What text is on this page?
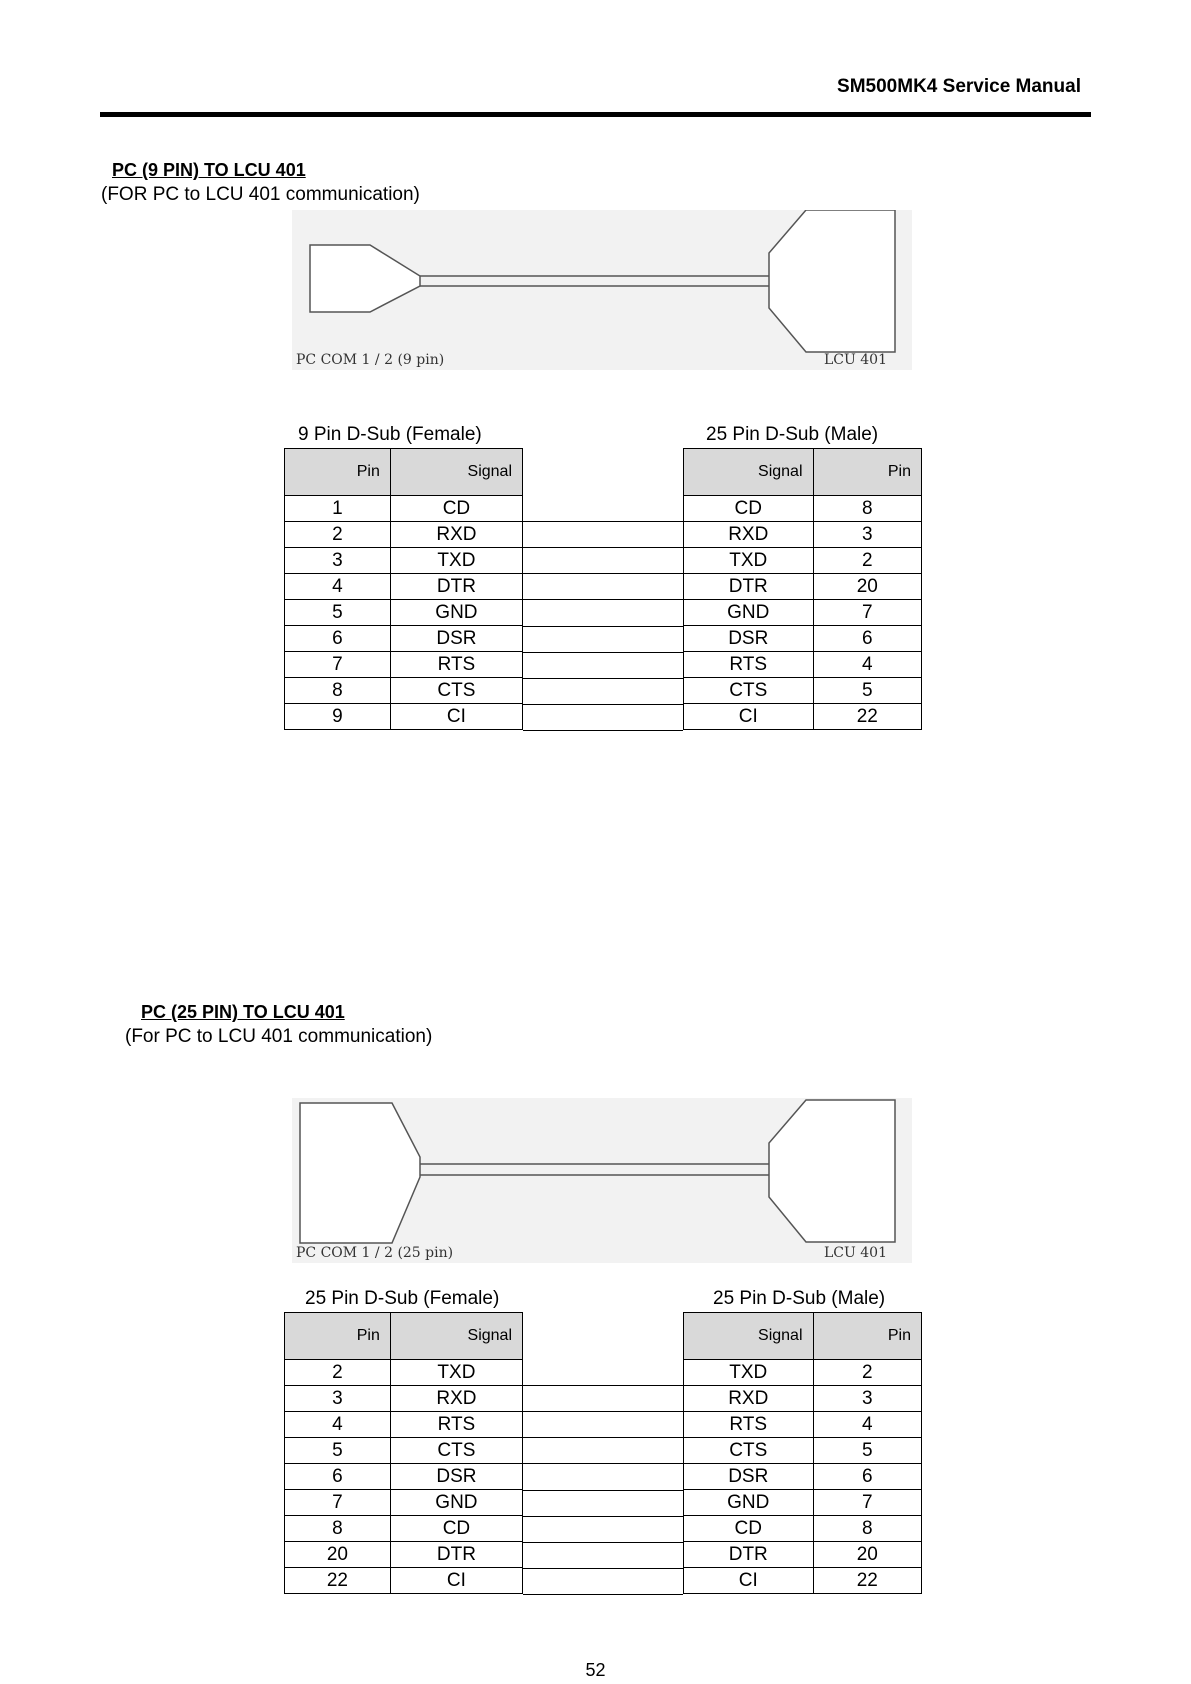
SM500MK4 Service Manual
PC (9 PIN) TO LCU 401
(FOR PC to LCU 401 communication)
PC COM 1 / 2 (9 pin)	LCU 401
9 Pin D-Sub (Female)	25 Pin D-Sub (Male)
Pin	Signal
1	CD
2	RXD
3	TXD
4	DTR
5	GND
6	DSR
7	RTS
8	CTS
9	CI
Signal	Pin
CD	8
RXD	3
TXD	2
DTR	20
GND	7
DSR	6
RTS	4
CTS	5
CI	22
PC (25 PIN) TO LCU 401
(For PC to LCU 401 communication)
PC COM 1 / 2 (25 pin)	LCU 401
25 Pin D-Sub (Female)	25 Pin D-Sub (Male)
Pin	Signal
2	TXD
3	RXD
4	RTS
5	CTS
6	DSR
7	GND
8	CD
20	DTR
22	CI
Signal	Pin
TXD	2
RXD	3
RTS	4
CTS	5
DSR	6
GND	7
CD	8
DTR	20
CI	22
52
